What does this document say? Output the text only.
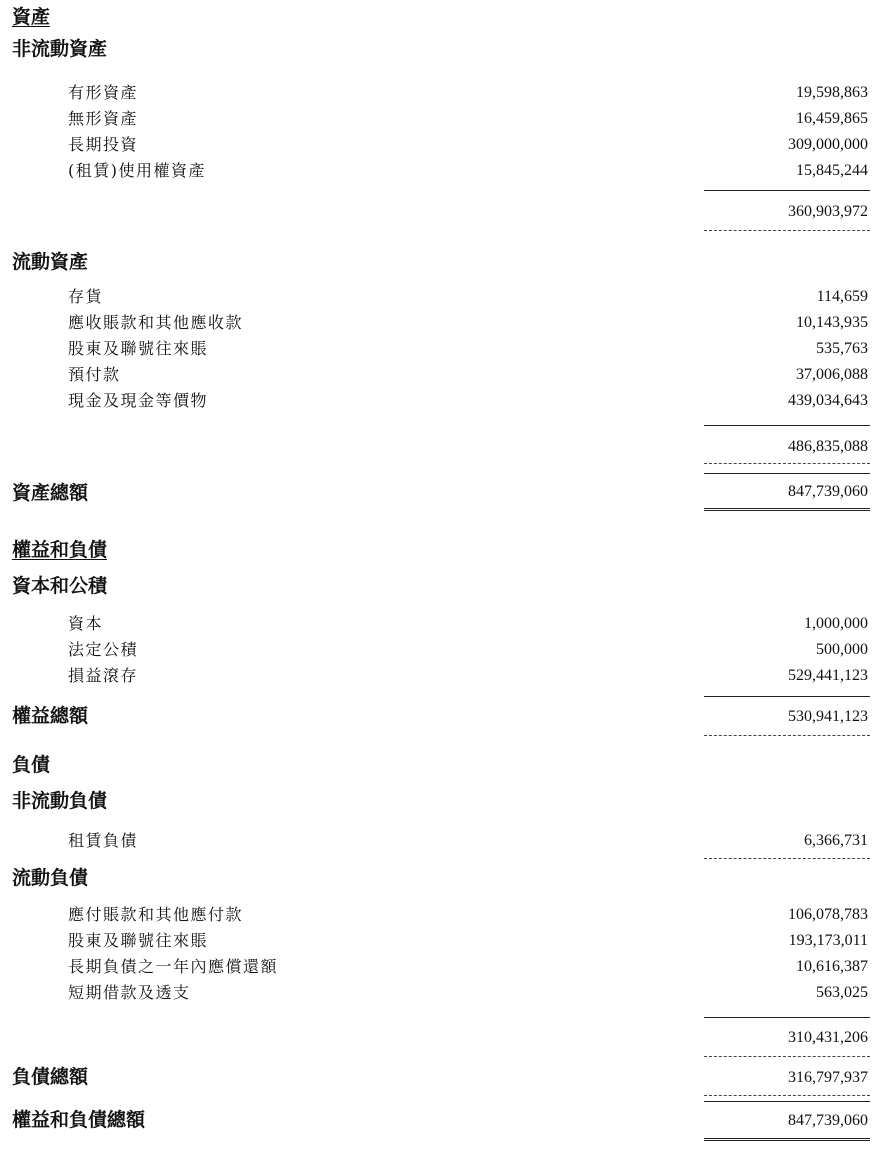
資產
非流動資產
有形資產	19,598,863
無形資產	16,459,865
長期投資	309,000,000
(租賃)使用權資產	15,845,244
360,903,972
流動資產
存貨	114,659
應收賬款和其他應收款	10,143,935
股東及聯號往來賬	535,763
預付款	37,006,088
現金及現金等價物	439,034,643
486,835,088
資產總額	847,739,060
權益和負債
資本和公積
資本	1,000,000
法定公積	500,000
損益滾存	529,441,123
權益總額	530,941,123
負債
非流動負債
租賃負債	6,366,731
流動負債
應付賬款和其他應付款	106,078,783
股東及聯號往來賬	193,173,011
長期負債之一年內應償還額	10,616,387
短期借款及透支	563,025
310,431,206
負債總額	316,797,937
權益和負債總額	847,739,060
